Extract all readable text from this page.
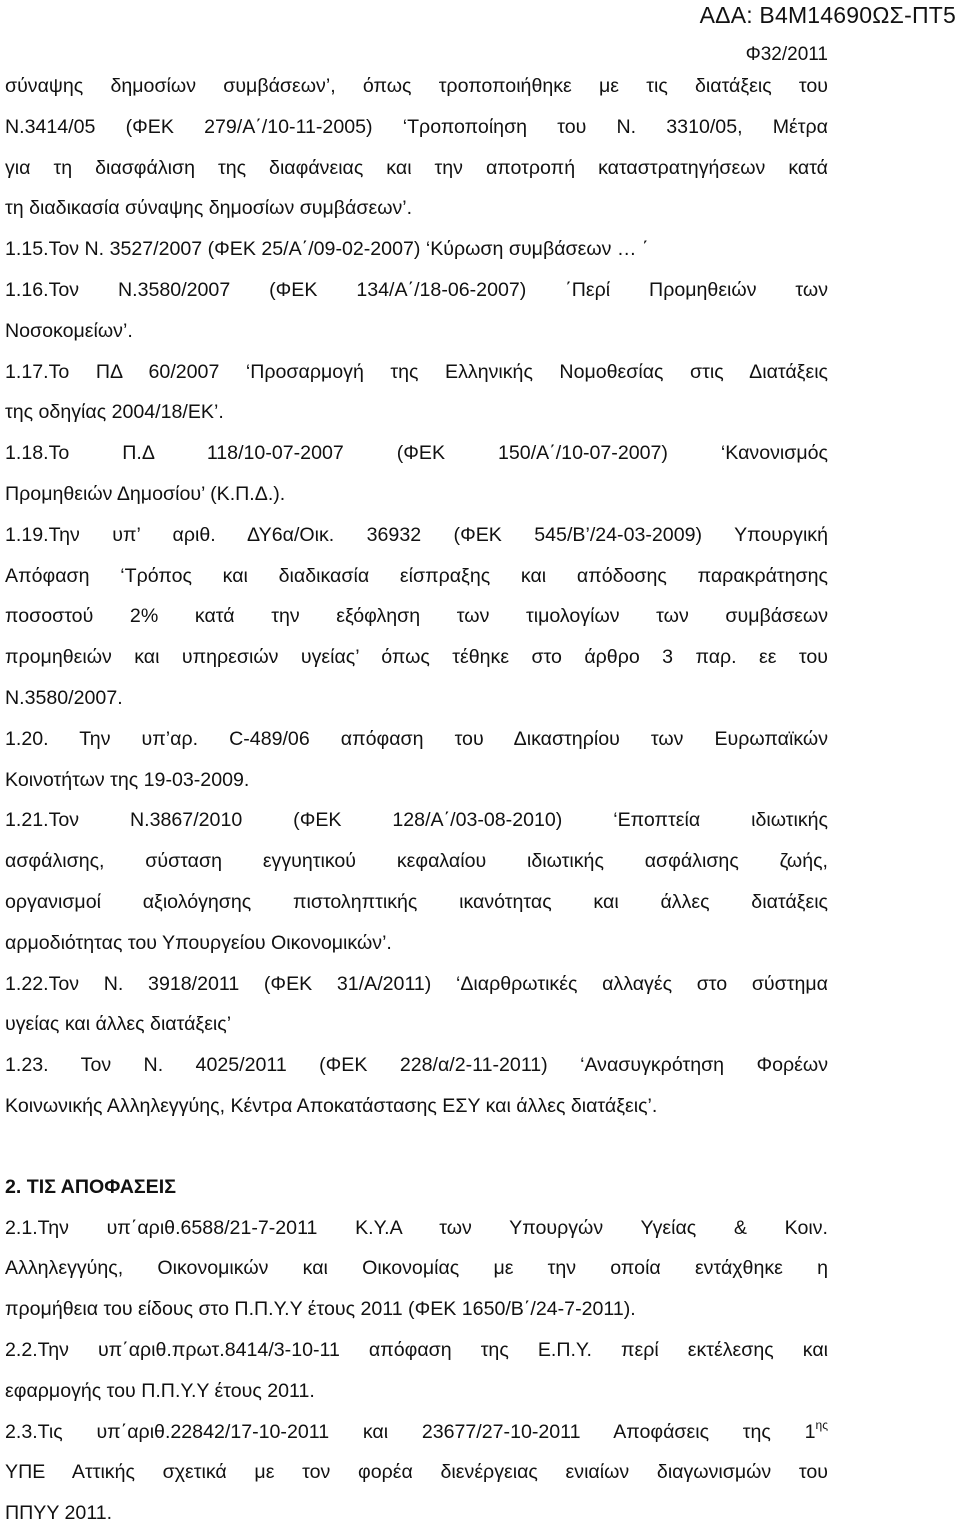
ΑΔΑ: Β4Μ14690ΩΣ-ΠΤ5
Φ32/2011
σύναψης δημοσίων συμβάσεων’, όπως τροποποιήθηκε με τις διατάξεις του
Ν.3414/05 (ΦΕΚ 279/Α΄/10-11-2005) ‘Τροποποίηση του Ν. 3310/05, Μέτρα
για τη διασφάλιση της διαφάνειας και την αποτροπή καταστρατηγήσεων κατά
τη διαδικασία σύναψης δημοσίων συμβάσεων’.
1.15.Τον Ν. 3527/2007 (ΦΕΚ 25/Α΄/09-02-2007) ‘Κύρωση συμβάσεων … ΄
1.16.Τον Ν.3580/2007 (ΦΕΚ 134/Α΄/18-06-2007) ΄Περί Προμηθειών των
Νοσοκομείων’.
1.17.Το ΠΔ 60/2007 ‘Προσαρμογή της Ελληνικής Νομοθεσίας στις Διατάξεις
της οδηγίας 2004/18/ΕΚ’.
1.18.Το Π.Δ 118/10-07-2007 (ΦΕΚ 150/Α΄/10-07-2007) ‘Κανονισμός
Προμηθειών Δημοσίου’ (Κ.Π.Δ.).
1.19.Την υπ’ αριθ. ΔΥ6α/Οικ. 36932 (ΦΕΚ 545/Β’/24-03-2009) Υπουργική
Απόφαση ‘Τρόπος και διαδικασία είσπραξης και απόδοσης παρακράτησης
ποσοστού 2% κατά την εξόφληση των τιμολογίων των συμβάσεων
προμηθειών και υπηρεσιών υγείας’ όπως τέθηκε στο άρθρο 3 παρ. εε του
Ν.3580/2007.
1.20. Την υπ’αρ. C-489/06 απόφαση του Δικαστηρίου των Ευρωπαϊκών
Κοινοτήτων της 19-03-2009.
1.21.Τον Ν.3867/2010 (ΦΕΚ 128/Α΄/03-08-2010) ‘Εποπτεία ιδιωτικής
ασφάλισης, σύσταση εγγυητικού κεφαλαίου ιδιωτικής ασφάλισης ζωής,
οργανισμοί αξιολόγησης πιστοληπτικής ικανότητας και άλλες διατάξεις
αρμοδιότητας του Υπουργείου Οικονομικών’.
1.22.Τον Ν. 3918/2011 (ΦΕΚ 31/Α/2011) ‘Διαρθρωτικές αλλαγές στο σύστημα
υγείας και άλλες διατάξεις’
1.23. Τον Ν. 4025/2011 (ΦΕΚ 228/α/2-11-2011) ‘Ανασυγκρότηση Φορέων
Κοινωνικής Αλληλεγγύης, Κέντρα Αποκατάστασης ΕΣΥ και άλλες διατάξεις’.
2. ΤΙΣ ΑΠΟΦΑΣΕΙΣ
2.1.Την υπ΄αριθ.6588/21-7-2011 Κ.Υ.Α των Υπουργών Υγείας & Κοιν.
Αλληλεγγύης, Οικονομικών και Οικονομίας με την οποία εντάχθηκε η
προμήθεια του είδους στο Π.Π.Υ.Υ έτους 2011 (ΦΕΚ 1650/Β΄/24-7-2011).
2.2.Την υπ΄αριθ.πρωτ.8414/3-10-11 απόφαση της Ε.Π.Υ. περί εκτέλεσης και
εφαρμογής του Π.Π.Υ.Υ έτους 2011.
2.3.Τις υπ΄αριθ.22842/17-10-2011 και 23677/27-10-2011 Αποφάσεις της $1^{\eta\varsigma}$
ΥΠΕ Αττικής σχετικά με τον φορέα διενέργειας ενιαίων διαγωνισμών του
ΠΠΥΥ 2011.
